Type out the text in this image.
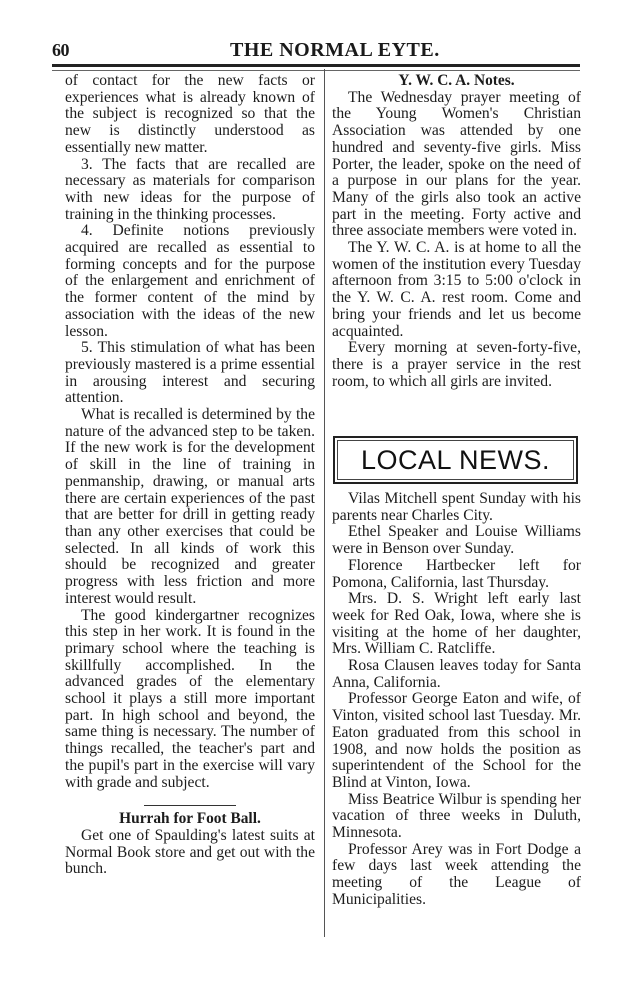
60	THE NORMAL EYTE.

of contact for the new facts or experiences what is already known of the subject is recognized so that the new is distinctly understood as essentially new matter.

3. The facts that are recalled are necessary as materials for comparison with new ideas for the purpose of training in the thinking processes.

4. Definite notions previously acquired are recalled as essential to forming concepts and for the purpose of the enlargement and enrichment of the former content of the mind by association with the ideas of the new lesson.

5. This stimulation of what has been previously mastered is a prime essential in arousing interest and securing attention.

What is recalled is determined by the nature of the advanced step to be taken. If the new work is for the development of skill in the line of training in penmanship, drawing, or manual arts there are certain experiences of the past that are better for drill in getting ready than any other exercises that could be selected. In all kinds of work this should be recognized and greater progress with less friction and more interest would result.

The good kindergartner recognizes this step in her work. It is found in the primary school where the teaching is skillfully accomplished. In the advanced grades of the elementary school it plays a still more important part. In high school and beyond, the same thing is necessary. The number of things recalled, the teacher's part and the pupil's part in the exercise will vary with grade and subject.

Hurrah for Foot Ball.

Get one of Spaulding's latest suits at Normal Book store and get out with the bunch.

Y. W. C. A. Notes.

The Wednesday prayer meeting of the Young Women's Christian Association was attended by one hundred and seventy-five girls. Miss Porter, the leader, spoke on the need of a purpose in our plans for the year. Many of the girls also took an active part in the meeting. Forty active and three associate members were voted in.

The Y. W. C. A. is at home to all the women of the institution every Tuesday afternoon from 3:15 to 5:00 o'clock in the Y. W. C. A. rest room. Come and bring your friends and let us become acquainted.

Every morning at seven-forty-five, there is a prayer service in the rest room, to which all girls are invited.

LOCAL NEWS.

Vilas Mitchell spent Sunday with his parents near Charles City.

Ethel Speaker and Louise Williams were in Benson over Sunday.

Florence Hartbecker left for Pomona, California, last Thursday.

Mrs. D. S. Wright left early last week for Red Oak, Iowa, where she is visiting at the home of her daughter, Mrs. William C. Ratcliffe.

Rosa Clausen leaves today for Santa Anna, California.

Professor George Eaton and wife, of Vinton, visited school last Tuesday. Mr. Eaton graduated from this school in 1908, and now holds the position as superintendent of the School for the Blind at Vinton, Iowa.

Miss Beatrice Wilbur is spending her vacation of three weeks in Duluth, Minnesota.

Professor Arey was in Fort Dodge a few days last week attending the meeting of the League of Municipalities.
